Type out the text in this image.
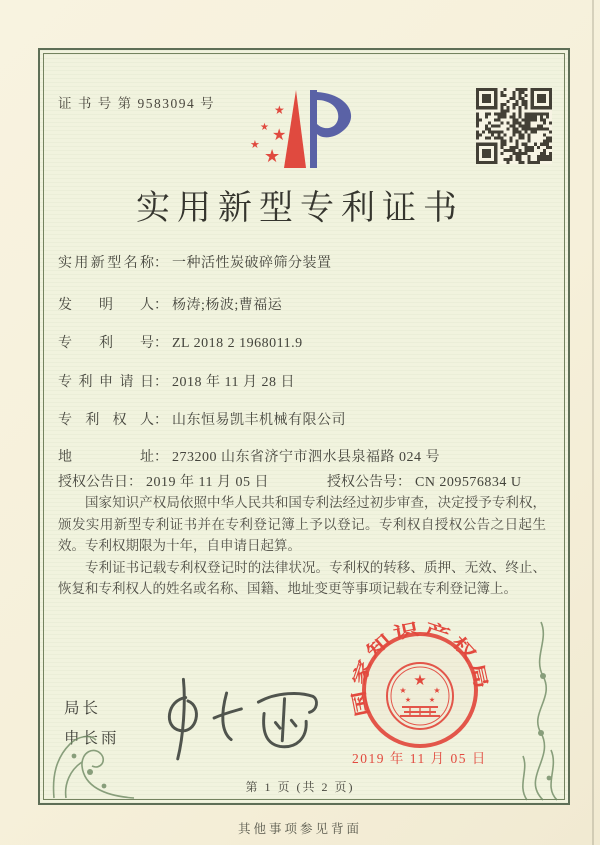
证 书 号 第 9583094 号	★
★ ★
★
★
实用新型专利证书
实用新型名称： 一种活性炭破碎筛分装置
发明人： 杨涛;杨波;曹福运
专利号： ZL 2018 2 1968011.9
专利申请日： 2018 年 11 月 28 日
专利权人： 山东恒易凯丰机械有限公司
地址： 273200 山东省济宁市泗水县泉福路 024 号
授权公告日： 2019 年 11 月 05 日	授权公告号： CN 209576834 U

国家知识产权局依照中华人民共和国专利法经过初步审查，决定授予专利权，颁发实用新型专利证书并在专利登记簿上予以登记。专利权自授权公告之日起生效。专利权期限为十年，自申请日起算。

专利证书记载专利权登记时的法律状况。专利权的转移、质押、无效、终止、恢复和专利权人的姓名或名称、国籍、地址变更等事项记载在专利登记簿上。

局长
申长雨
★
★	★
★	★
国家知识产权局
2019 年 11 月 05 日
第 1 页 (共 2 页)
其他事项参见背面
